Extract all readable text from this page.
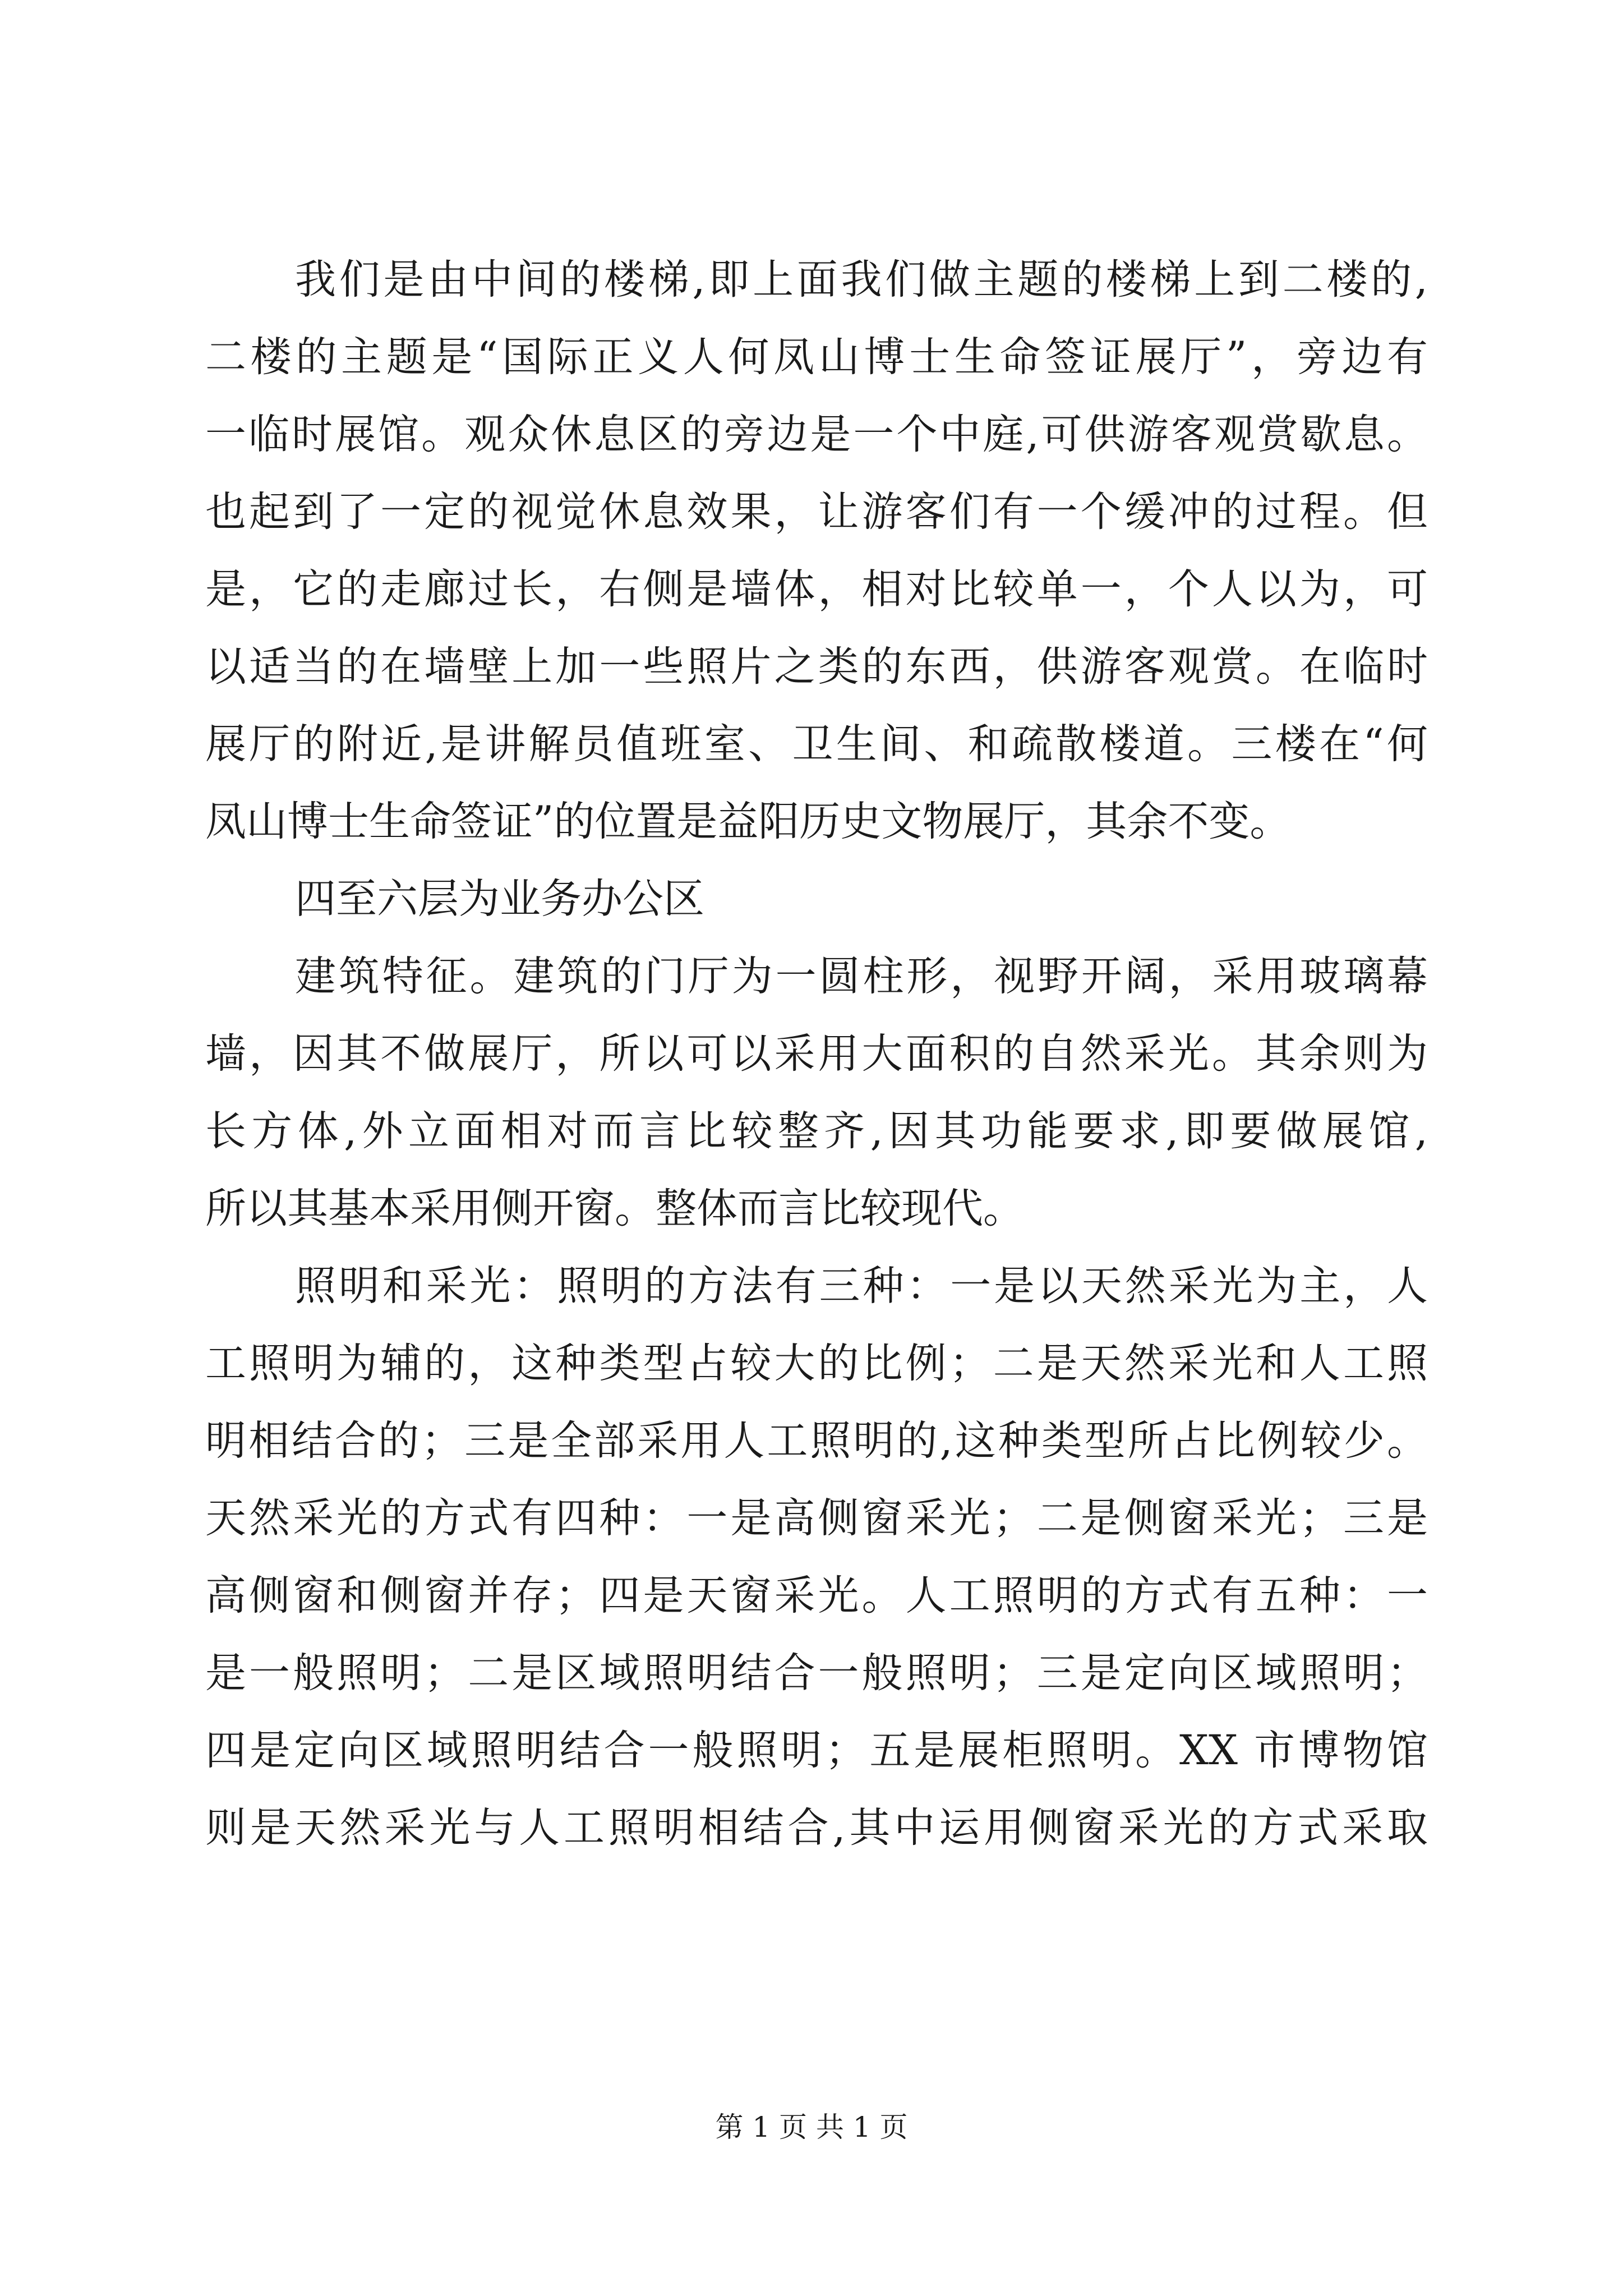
我们是由中间的楼梯,即上面我们做主题的楼梯上到二楼的,
二楼的主题是“国际正义人何凤山博士生命签证展厅”，旁边有
一临时展馆。观众休息区的旁边是一个中庭,可供游客观赏歇息。
也起到了一定的视觉休息效果，让游客们有一个缓冲的过程。但
是，它的走廊过长，右侧是墙体，相对比较单一，个人以为，可
以适当的在墙壁上加一些照片之类的东西，供游客观赏。在临时
展厅的附近,是讲解员值班室、卫生间、和疏散楼道。三楼在“何
凤山博士生命签证”的位置是益阳历史文物展厅，其余不变。
四至六层为业务办公区
建筑特征。建筑的门厅为一圆柱形，视野开阔，采用玻璃幕
墙，因其不做展厅，所以可以采用大面积的自然采光。其余则为
长方体,外立面相对而言比较整齐,因其功能要求,即要做展馆,
所以其基本采用侧开窗。整体而言比较现代。
照明和采光：照明的方法有三种：一是以天然采光为主，人
工照明为辅的，这种类型占较大的比例；二是天然采光和人工照
明相结合的；三是全部采用人工照明的,这种类型所占比例较少。
天然采光的方式有四种：一是高侧窗采光；二是侧窗采光；三是
高侧窗和侧窗并存；四是天窗采光。人工照明的方式有五种：一
是一般照明；二是区域照明结合一般照明；三是定向区域照明；
四是定向区域照明结合一般照明；五是展柜照明。XX 市博物馆
则是天然采光与人工照明相结合,其中运用侧窗采光的方式采取
第 1 页 共 1 页
